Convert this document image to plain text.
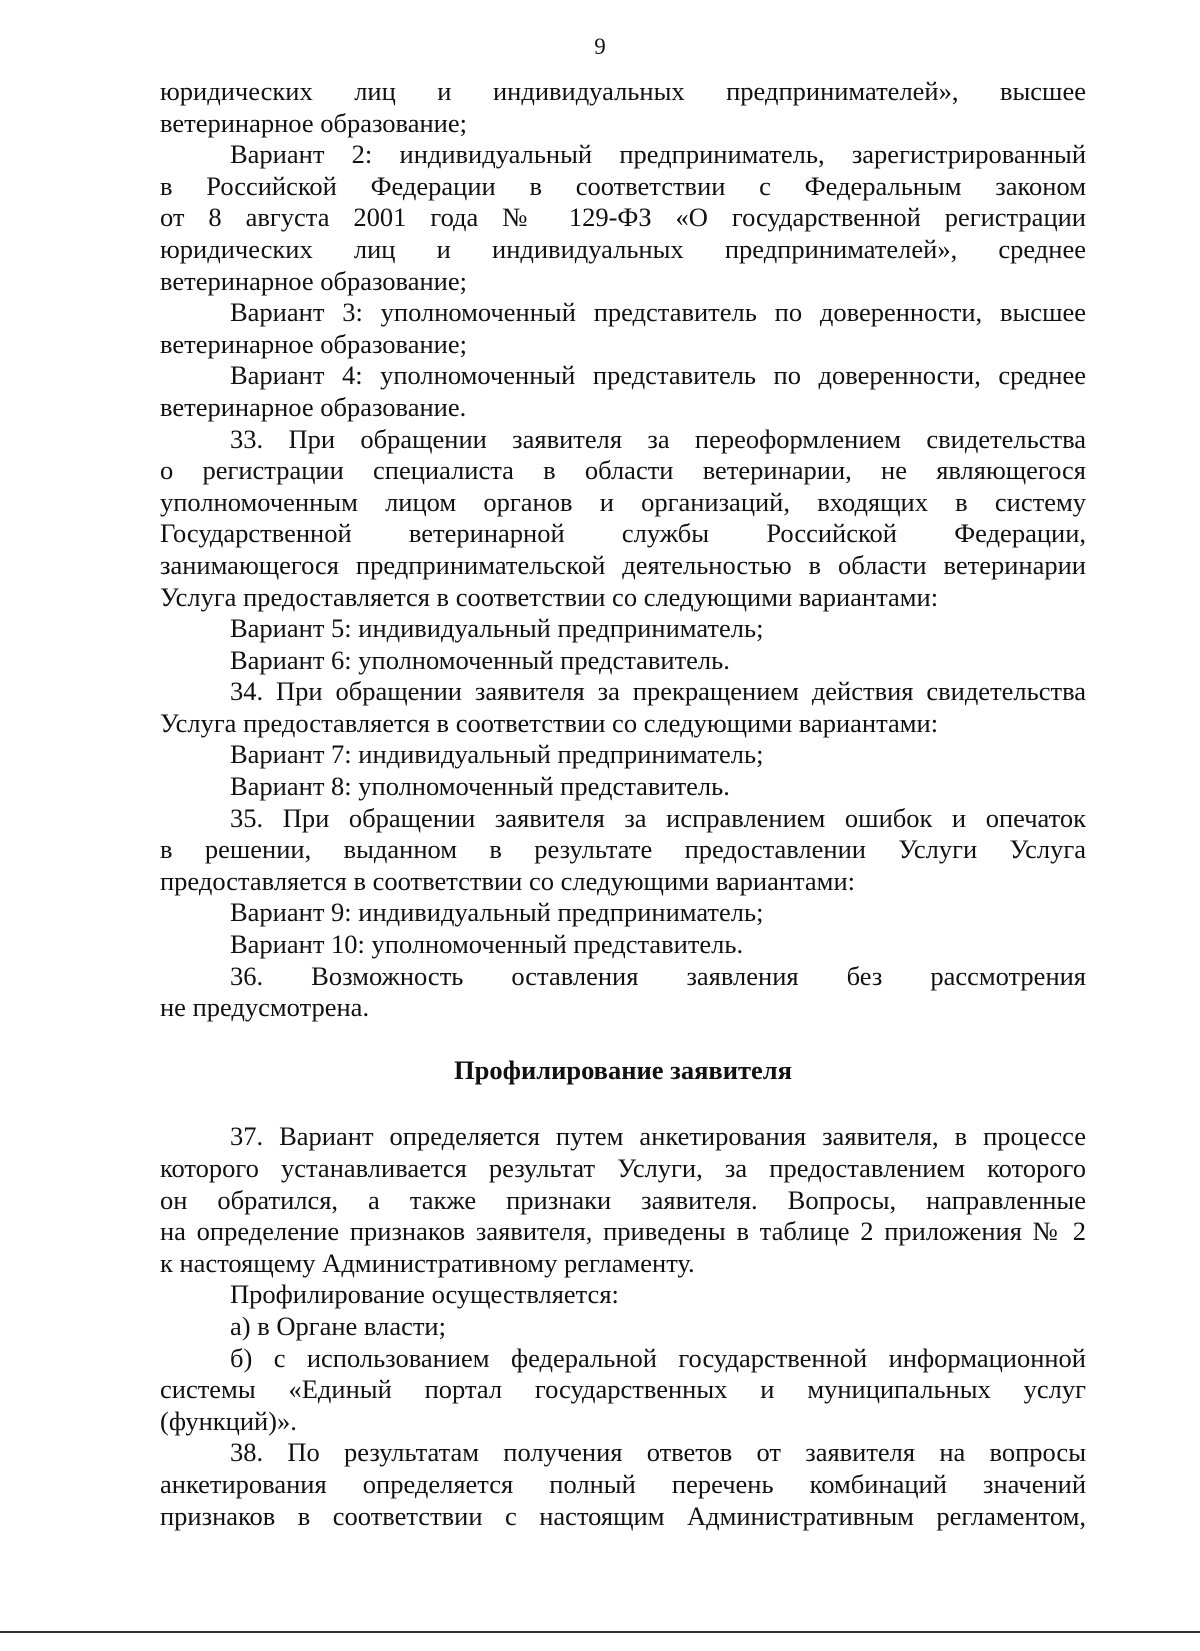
9
юридических лиц и индивидуальных предпринимателей», высшее
ветеринарное образование;
Вариант 2: индивидуальный предприниматель, зарегистрированный
в Российской Федерации в соответствии с Федеральным законом
от 8 августа 2001 года № 129-ФЗ «О государственной регистрации
юридических лиц и индивидуальных предпринимателей», среднее
ветеринарное образование;
Вариант 3: уполномоченный представитель по доверенности, высшее
ветеринарное образование;
Вариант 4: уполномоченный представитель по доверенности, среднее
ветеринарное образование.
33. При обращении заявителя за переоформлением свидетельства
о регистрации специалиста в области ветеринарии, не являющегося
уполномоченным лицом органов и организаций, входящих в систему
Государственной ветеринарной службы Российской Федерации,
занимающегося предпринимательской деятельностью в области ветеринарии
Услуга предоставляется в соответствии со следующими вариантами:
Вариант 5: индивидуальный предприниматель;
Вариант 6: уполномоченный представитель.
34. При обращении заявителя за прекращением действия свидетельства
Услуга предоставляется в соответствии со следующими вариантами:
Вариант 7: индивидуальный предприниматель;
Вариант 8: уполномоченный представитель.
35. При обращении заявителя за исправлением ошибок и опечаток
в решении, выданном в результате предоставлении Услуги Услуга
предоставляется в соответствии со следующими вариантами:
Вариант 9: индивидуальный предприниматель;
Вариант 10: уполномоченный представитель.
36. Возможность оставления заявления без рассмотрения
не предусмотрена.
Профилирование заявителя
37. Вариант определяется путем анкетирования заявителя, в процессе
которого устанавливается результат Услуги, за предоставлением которого
он обратился, а также признаки заявителя. Вопросы, направленные
на определение признаков заявителя, приведены в таблице 2 приложения № 2
к настоящему Административному регламенту.
Профилирование осуществляется:
а) в Органе власти;
б) с использованием федеральной государственной информационной
системы «Единый портал государственных и муниципальных услуг
(функций)».
38. По результатам получения ответов от заявителя на вопросы
анкетирования определяется полный перечень комбинаций значений
признаков в соответствии с настоящим Административным регламентом,
